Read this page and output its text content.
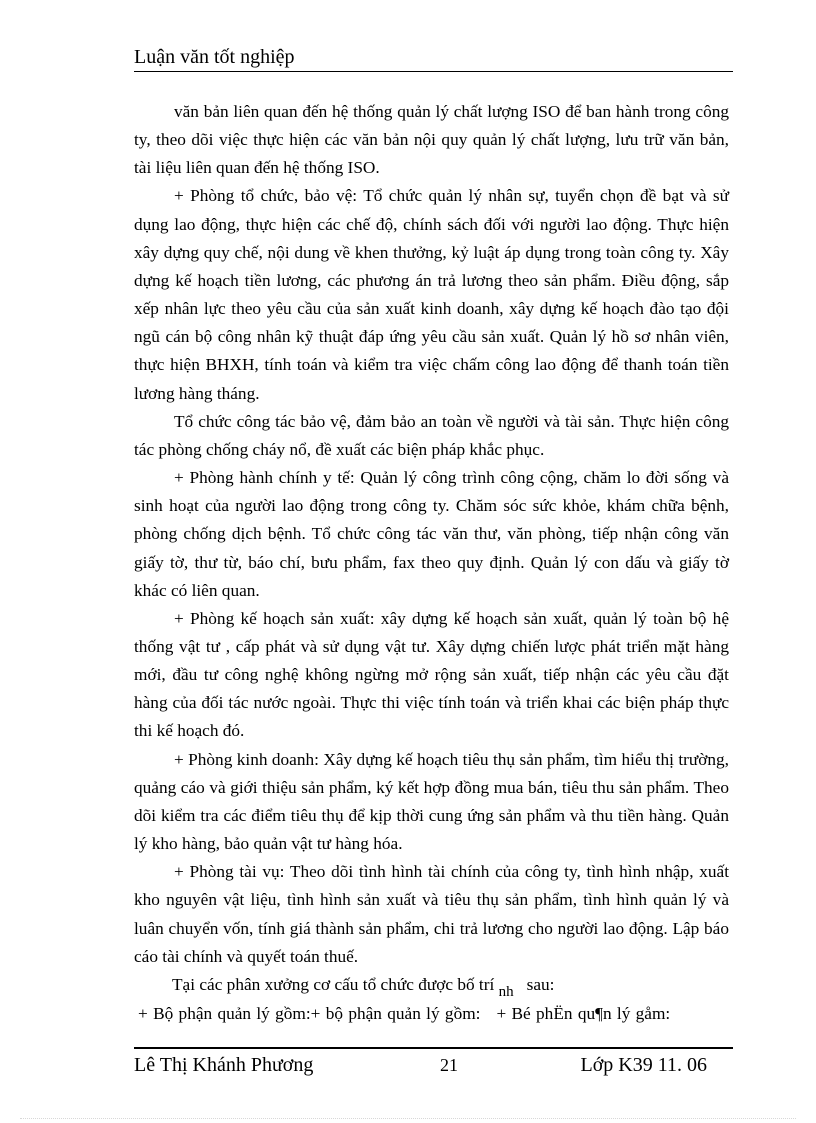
Luận văn tốt nghiệp

văn bản liên quan đến hệ thống quản lý chất lượng ISO để ban hành trong công ty, theo dõi việc thực hiện các văn bản nội quy quản lý chất lượng, lưu trữ văn bản, tài liệu liên quan đến hệ thống ISO.

+ Phòng tổ chức, bảo vệ: Tổ chức quản lý nhân sự, tuyển chọn đề bạt và sử dụng lao động, thực hiện các chế độ, chính sách đối với người lao động. Thực hiện xây dựng quy chế, nội dung về khen thưởng, kỷ luật áp dụng trong toàn công ty. Xây dựng kế hoạch tiền lương, các phương án trả lương theo sản phẩm. Điều động, sắp xếp nhân lực theo yêu cầu của sản xuất kinh doanh, xây dựng kế hoạch đào tạo đội ngũ cán bộ công nhân kỹ thuật đáp ứng yêu cầu sản xuất. Quản lý hồ sơ nhân viên, thực hiện BHXH, tính toán và kiểm tra việc chấm công lao động để thanh toán tiền lương hàng tháng.

Tổ chức công tác bảo vệ, đảm bảo an toàn về người và tài sản. Thực hiện công tác phòng chống cháy nổ, đề xuất các biện pháp khắc phục.

+ Phòng hành chính y tế: Quản lý công trình công cộng, chăm lo đời sống và sinh hoạt của người lao động trong công ty. Chăm sóc sức khỏe, khám chữa bệnh, phòng chống dịch bệnh. Tổ chức công tác văn thư, văn phòng, tiếp nhận công văn giấy tờ, thư từ, báo chí, bưu phẩm, fax theo quy định. Quản lý con dấu và giấy tờ khác có liên quan.

+ Phòng kế hoạch sản xuất: xây dựng kế hoạch sản xuất, quản lý toàn bộ hệ thống vật tư , cấp phát và sử dụng vật tư. Xây dựng chiến lược phát triển mặt hàng mới, đầu tư công nghệ không ngừng mở rộng sản xuất, tiếp nhận các yêu cầu đặt hàng của đối tác nước ngoài. Thực thi việc tính toán và triển khai các biện pháp thực thi kế hoạch đó.

+ Phòng kinh doanh: Xây dựng kế hoạch tiêu thụ sản phẩm, tìm hiểu thị trường, quảng cáo và giới thiệu sản phẩm, ký kết hợp đồng mua bán, tiêu thu sản phẩm. Theo dõi kiểm tra các điểm tiêu thụ để kịp thời cung ứng sản phẩm và thu tiền hàng. Quản lý kho hàng, bảo quản vật tư hàng hóa.

+ Phòng tài vụ: Theo dõi tình hình tài chính của công ty, tình hình nhập, xuất kho nguyên vật liệu, tình hình sản xuất và tiêu thụ sản phẩm, tình hình quản lý và luân chuyển vốn, tính giá thành sản phẩm, chi trả lương cho người lao động. Lập báo cáo tài chính và quyết toán thuế.

Tại các phân xưởng cơ cấu tổ chức được bố trí nh sau:

+ Bộ phận quản lý gồm:+ bộ phận quản lý gồm: + Bé phËn qu¶n lý gåm:

Lê Thị Khánh Phương	21	Lớp K39 11. 06
